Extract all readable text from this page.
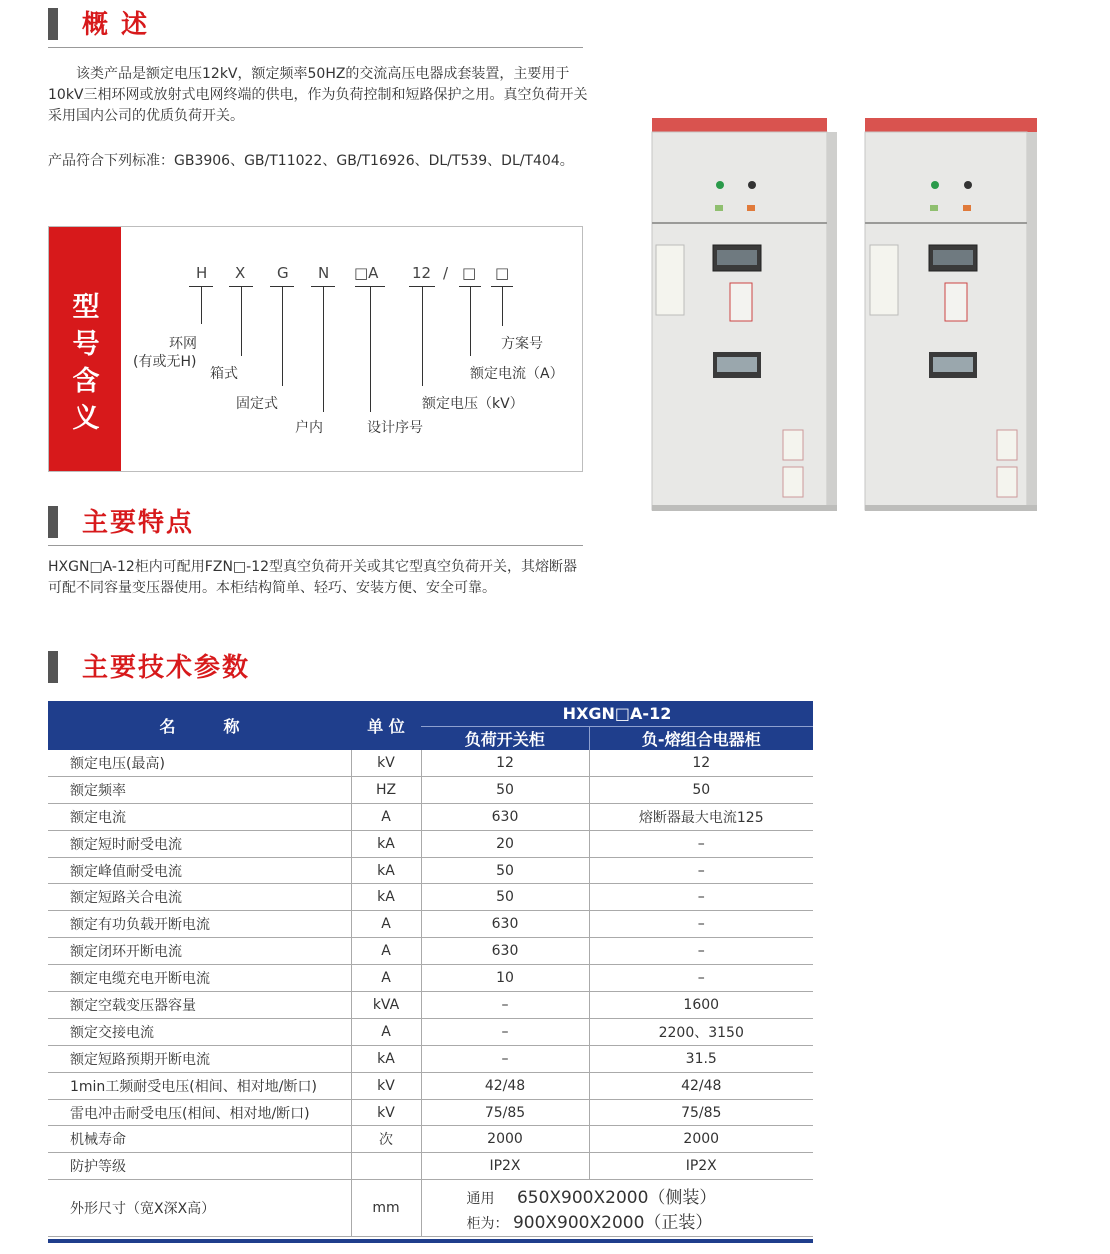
概 述
　　该类产品是额定电压12kV，额定频率50HZ的交流高压电器成套装置，主要用于10kV三相环网或放射式电网终端的供电，作为负荷控制和短路保护之用。真空负荷开关采用国内公司的优质负荷开关。
产品符合下列标准：GB3906、GB/T11022、GB/T16926、DL/T539、DL/T404。
型
号
含
义
H X G N □A 12 / □ □
环网
(有或无H)
箱式
固定式
户内	设计序号
额定电压（kV）
额定电流（A）
方案号
主要特点
HXGN□A-12柜内可配用FZN□-12型真空负荷开关或其它型真空负荷开关，其熔断器可配不同容量变压器使用。本柜结构简单、轻巧、安装方便、安全可靠。
主要技术参数
名　　　称	单 位	HXGN□A-12	
		负荷开关柜	负-熔组合电器柜
额定电压(最高)	kV	12	12
额定频率	HZ	50	50
额定电流	A	630	熔断器最大电流125
额定短时耐受电流	kA	20	–
额定峰值耐受电流	kA	50	–
额定短路关合电流	kA	50	–
额定有功负载开断电流	A	630	–
额定闭环开断电流	A	630	–
额定电缆充电开断电流	A	10	–
额定空载变压器容量	kVA	–	1600
额定交接电流	A	–	2200、3150
额定短路预期开断电流	kA	–	31.5
1min工频耐受电压(相间、相对地/断口)	kV	42/48	42/48
雷电冲击耐受电压(相间、相对地/断口)	kV	75/85	75/85
机械寿命	次	2000	2000
防护等级		IP2X	IP2X
外形尺寸（宽X深X高）	mm	通用 650X900X2000（侧装）
柜为： 900X900X2000（正装）	
